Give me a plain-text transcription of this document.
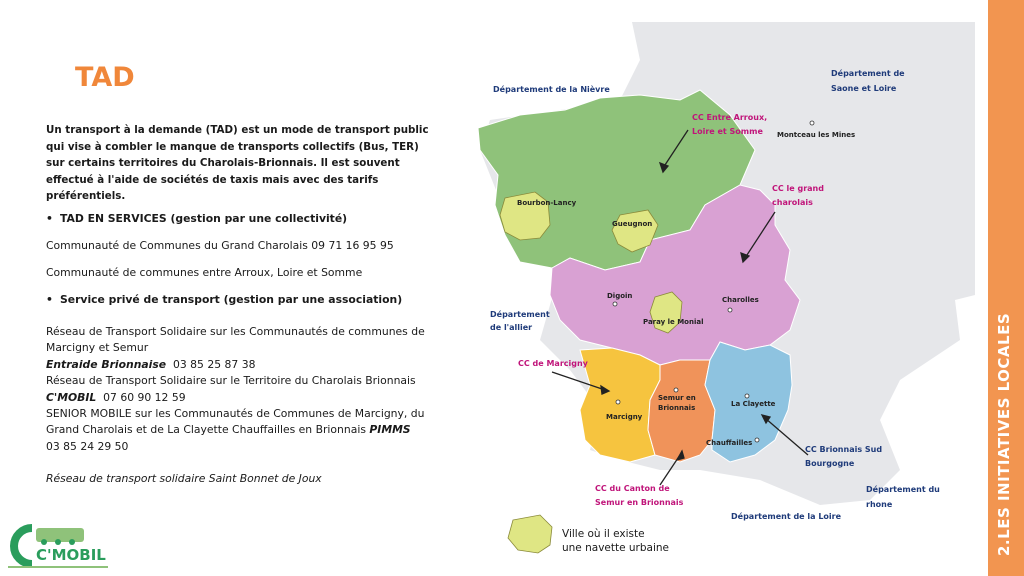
TAD

Un transport à la demande (TAD) est un mode de transport public qui vise à combler le manque de transports collectifs (Bus, TER) sur certains territoires du Charolais-Brionnais. Il est souvent effectué à l'aide de sociétés de taxis mais avec des tarifs préférentiels.

• TAD EN SERVICES (gestion par une collectivité)

Communauté de Communes du Grand Charolais 09 71 16 95 95

Communauté de communes entre Arroux, Loire et Somme

• Service privé de transport (gestion par une association)

Réseau de Transport Solidaire sur les Communautés de communes de Marcigny et Semur
Entraide Brionnaise 03 85 25 87 38
Réseau de Transport Solidaire sur le Territoire du Charolais Brionnais
C'MOBIL 07 60 90 12 59
SENIOR MOBILE sur les Communautés de Communes de Marcigny, du Grand Charolais et de La Clayette Chauffailles en Brionnais PIMMS
03 85 24 29 50
Réseau de transport solidaire Saint Bonnet de Joux
C'MOBIL
Département de la Nièvre
Département de
Saone et Loire
Département
de l'allier
Département du
rhone
Département de la Loire
CC Entre Arroux,
Loire et Somme
CC le grand
charolais
CC de Marcigny
CC du Canton de
Semur en Brionnais
CC Brionnais Sud
Bourgogne
Montceau les Mines
Bourbon-Lancy
Gueugnon
Digoin	Charolles
Paray le Monial
Marcigny
Semur en
Brionnais	La Clayette
Chauffailles
Ville où il existe
une navette urbaine	2.LES INITIATIVES LOCALES
